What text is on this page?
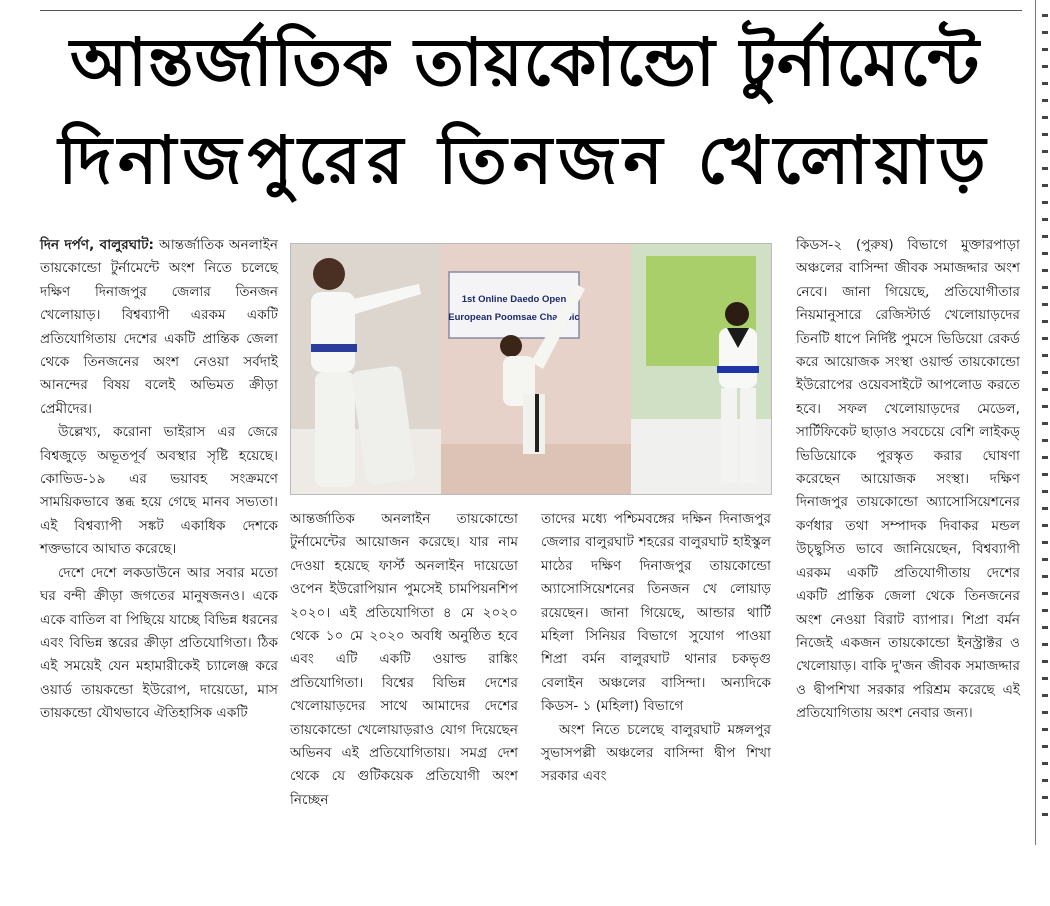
আন্তর্জাতিক তায়কোন্ডো টুর্নামেন্টে
দিনাজপুরের তিনজন খেলোয়াড়

দিন দর্পণ, বালুরঘাট: আন্তর্জাতিক অনলাইন তায়কোন্ডো টুর্নামেন্টে অংশ নিতে চলেছে দক্ষিণ দিনাজপুর জেলার তিনজন খেলোয়াড়। বিশ্বব্যাপী এরকম একটি প্রতিযোগিতায় দেশের একটি প্রান্তিক জেলা থেকে তিনজনের অংশ নেওয়া সর্বদাই আনন্দের বিষয় বলেই অভিমত ক্রীড়া প্রেমীদের।

উল্লেখ্য, করোনা ভাইরাস এর জেরে বিশ্বজুড়ে অভূতপূর্ব অবস্থার সৃষ্টি হয়েছে। কোভিড-১৯ এর ভয়াবহ সংক্রমণে সাময়িকভাবে স্তব্ধ হয়ে গেছে মানব সভ্যতা। এই বিশ্বব্যাপী সঙ্কট একাধিক দেশকে শক্তভাবে আঘাত করেছে।

দেশে দেশে লকডাউনে আর সবার মতো ঘর বন্দী ক্রীড়া জগতের মানুষজনও। একে একে বাতিল বা পিছিয়ে যাচ্ছে বিভিন্ন ধরনের এবং বিভিন্ন স্তরের ক্রীড়া প্রতিযোগিতা। ঠিক এই সময়েই যেন মহামারীকেই চ্যালেঞ্জ করে ওয়ার্ড তায়কন্ডো ইউরোপ, দায়েডো, মাস তায়কন্ডো যৌথভাবে ঐতিহাসিক একটি

1st Online Daedo Open
European Poomsae Champic

আন্তর্জাতিক অনলাইন তায়কোন্ডো টুর্নামেন্টের আয়োজন করেছে। যার নাম দেওয়া হয়েছে ফার্স্ট অনলাইন দায়েডো ওপেন ইউরোপিয়ান পুমসেই চামপিয়নশিপ ২০২০। এই প্রতিযোগিতা ৪ মে ২০২০ থেকে ১০ মে ২০২০ অবধি অনুষ্ঠিত হবে এবং এটি একটি ওয়াল্ড রাঙ্কিং প্রতিযোগিতা। বিশ্বের বিভিন্ন দেশের খেলোয়াড়দের সাথে আমাদের দেশের তায়কোন্ডো খেলোয়াড়রাও যোগ দিয়েছেন অভিনব এই প্রতিযোগিতায়। সমগ্র দেশ থেকে যে গুটিকয়েক প্রতিযোগী অংশ নিচ্ছেন

তাদের মধ্যে পশ্চিমবঙ্গের দক্ষিন দিনাজপুর জেলার বালুরঘাট শহরের বালুরঘাট হাইস্কুল মাঠের দক্ষিণ দিনাজপুর তায়কোন্ডো অ্যাসোসিয়েশনের তিনজন খে লোয়াড় রয়েছেন। জানা গিয়েছে, আন্ডার থার্টি মহিলা সিনিয়র বিভাগে সুযোগ পাওয়া শিপ্রা বর্মন বালুরঘাট থানার চকভৃগু বেলাইন অঞ্চলের বাসিন্দা। অন্যদিকে কিডস- ১ (মহিলা) বিভাগে

অংশ নিতে চলেছে বালুরঘাট মঙ্গলপুর সুভাসপল্লী অঞ্চলের বাসিন্দা দ্বীপ শিখা সরকার এবং

কিডস-২ (পুরুষ) বিভাগে মুক্তারপাড়া অঞ্চলের বাসিন্দা জীবক সমাজদ্দার অংশ নেবে। জানা গিয়েছে, প্রতিযোগীতার নিয়মানুসারে রেজিস্টার্ড খেলোয়াড়দের তিনটি ধাপে নির্দিষ্ট পুমসে ভিডিয়ো রেকর্ড করে আয়োজক সংস্থা ওয়ার্ল্ড তায়কোন্ডো ইউরোপের ওয়েবসাইটে আপলোড করতে হবে। সফল খেলোয়াড়দের মেডেল, সার্টিফিকেট ছাড়াও সবচেয়ে বেশি লাইকড্ ভিডিয়োকে পুরস্কৃত করার ঘোষণা করেছেন আয়োজক সংস্থা। দক্ষিণ দিনাজপুর তায়কোন্ডো অ্যাসোসিয়েশনের কর্ণধার তথা সম্পাদক দিবাকর মন্ডল উচ্ছ্বসিত ভাবে জানিয়েছেন, বিশ্বব্যাপী এরকম একটি প্রতিযোগীতায় দেশের একটি প্রান্তিক জেলা থেকে তিনজনের অংশ নেওয়া বিরাট ব্যাপার। শিপ্রা বর্মন নিজেই একজন তায়কোন্ডো ইনস্ট্রাক্টর ও খেলোয়াড়। বাকি দু'জন জীবক সমাজদ্দার ও দ্বীপশিখা সরকার পরিশ্রম করেছে এই প্রতিযোগিতায় অংশ নেবার জন্য।
